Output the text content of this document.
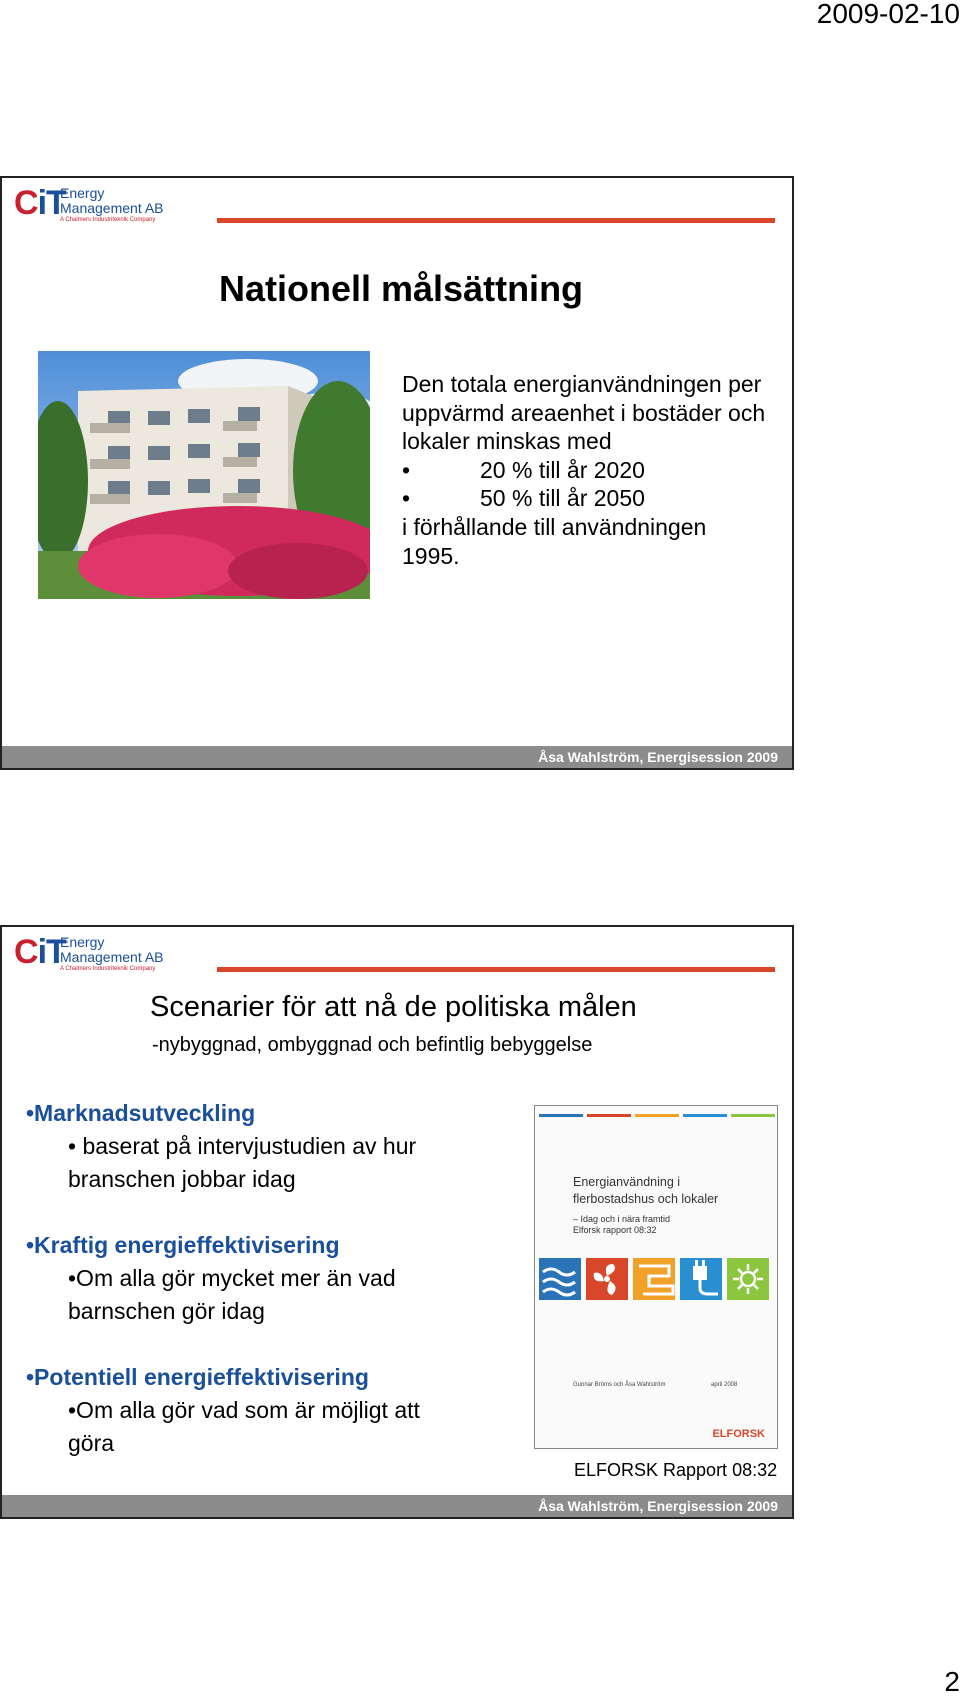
2009-02-10
CiT
Energy
Management AB
A Chalmers Industriteknik Company
Nationell målsättning
Den totala energianvändningen per
uppvärmd areaenhet i bostäder och
lokaler minskas med
•	20 % till år 2020
•	50 % till år 2050
i förhållande till användningen
1995.
Åsa Wahlström, Energisession 2009
CiT
Energy
Management AB
A Chalmers Industriteknik Company
Scenarier för att nå de politiska målen
-nybyggnad, ombyggnad och befintlig bebyggelse
•Marknadsutveckling
• baserat på intervjustudien av hur
branschen jobbar idag
•Kraftig energieffektivisering
•Om alla gör mycket mer än vad
barnschen gör idag
•Potentiell energieffektivisering
•Om alla gör vad som är möjligt att
göra
Energianvändning i
flerbostadshus och lokaler
– Idag och i nära framtid
Elforsk rapport 08:32
Gunnar Bröms och Åsa Wahlström	april 2008
ELFORSK
ELFORSK Rapport 08:32
Åsa Wahlström, Energisession 2009
2
